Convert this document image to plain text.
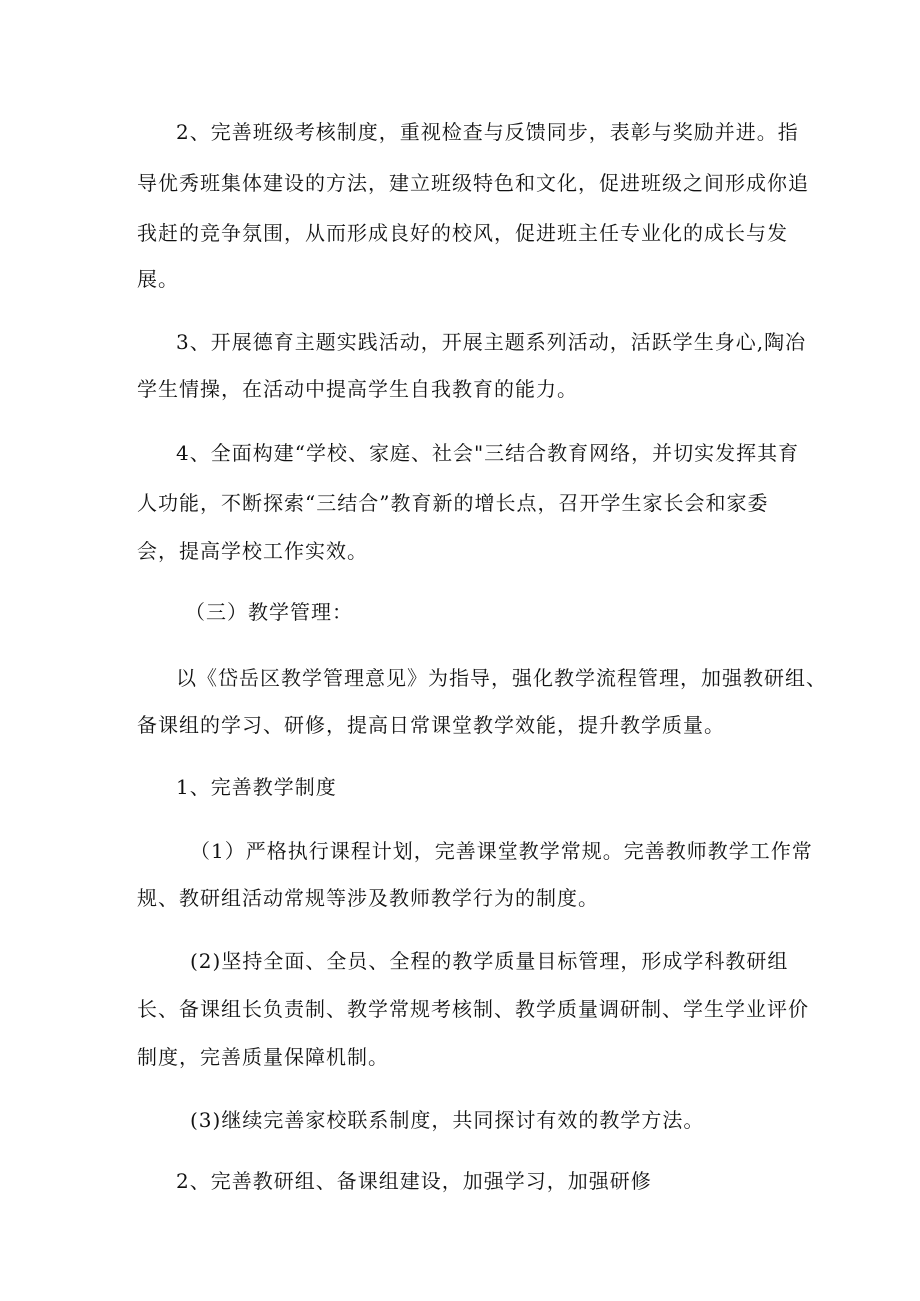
2、完善班级考核制度，重视检查与反馈同步，表彰与奖励并进。指
导优秀班集体建设的方法，建立班级特色和文化，促进班级之间形成你追
我赶的竞争氛围，从而形成良好的校风，促进班主任专业化的成长与发
展。
3、开展德育主题实践活动，开展主题系列活动，活跃学生身心,陶冶
学生情操，在活动中提高学生自我教育的能力。
4、全面构建“学校、家庭、社会"三结合教育网络，并切实发挥其育
人功能，不断探索“三结合”教育新的增长点，召开学生家长会和家委
会，提高学校工作实效。
（三）教学管理：
以《岱岳区教学管理意见》为指导，强化教学流程管理，加强教研组、
备课组的学习、研修，提高日常课堂教学效能，提升教学质量。
1、完善教学制度
（1）严格执行课程计划，完善课堂教学常规。完善教师教学工作常
规、教研组活动常规等涉及教师教学行为的制度。
(2)坚持全面、全员、全程的教学质量目标管理，形成学科教研组
长、备课组长负责制、教学常规考核制、教学质量调研制、学生学业评价
制度，完善质量保障机制。
(3)继续完善家校联系制度，共同探讨有效的教学方法。
2、完善教研组、备课组建设，加强学习，加强研修
